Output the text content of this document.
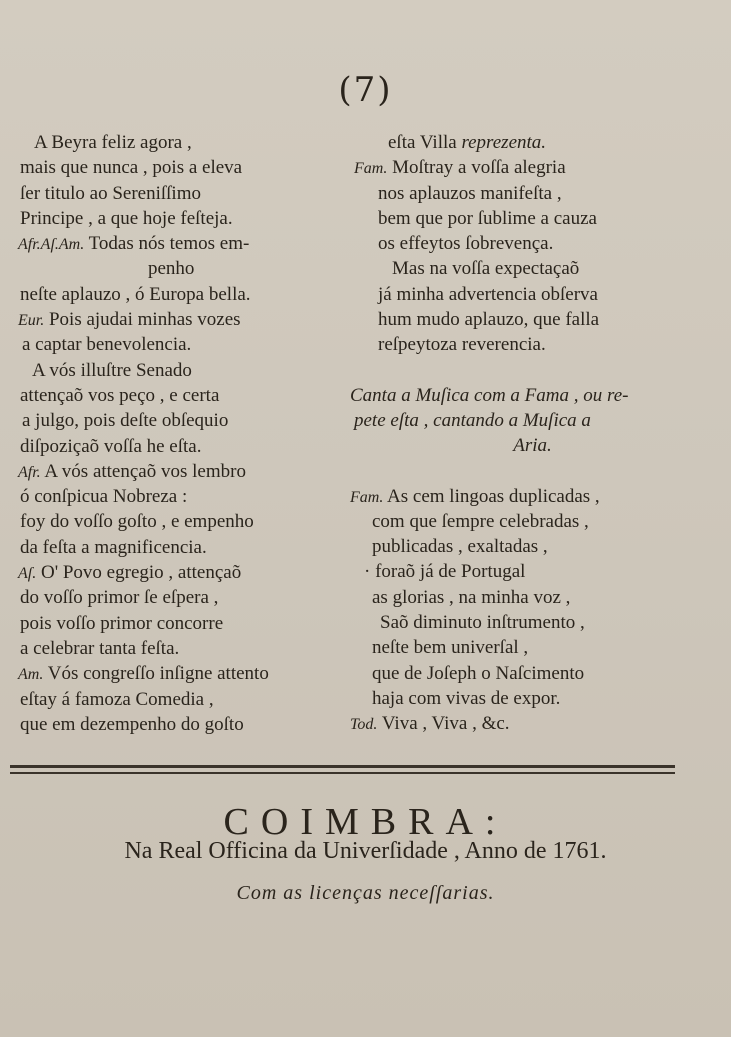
(7)
A Beyra feliz agora ,
mais que nunca , pois a eleva
ſer titulo ao Sereniſſimo
Principe , a que hoje feſteja.
Afr.Aſ.Am. Todas nós temos em-
penho
neſte aplauzo , ó Europa bella.
Eur. Pois ajudai minhas vozes
a captar benevolencia.
A vós illuſtre Senado
attençaõ vos peço , e certa
a julgo, pois deſte obſequio
diſpoziçaõ voſſa he eſta.
Afr. A vós attençaõ vos lembro
ó conſpicua Nobreza :
foy do voſſo goſto , e empenho
da feſta a magnificencia.
Aſ. O' Povo egregio , attençaõ
do voſſo primor ſe eſpera ,
pois voſſo primor concorre
a celebrar tanta feſta.
Am. Vós congreſſo inſigne attento
eſtay á famoza Comedia ,
que em dezempenho do goſto
eſta Villa reprezenta.
Fam. Moſtray a voſſa alegria
nos aplauzos manifeſta ,
bem que por ſublime a cauza
os effeytos ſobrevença.
Mas na voſſa expectaçaõ
já minha advertencia obſerva
hum mudo aplauzo, que falla
reſpeytoza reverencia.
Canta a Muſica com a Fama , ou re-
pete eſta , cantando a Muſica a
Aria.
Fam. As cem lingoas duplicadas ,
com que ſempre celebradas ,
publicadas , exaltadas ,
· foraõ já de Portugal
as glorias , na minha voz ,
Saõ diminuto inſtrumento ,
neſte bem univerſal ,
que de Joſeph o Naſcimento
haja com vivas de expor.
Tod. Viva , Viva , &c.
COIMBRA:
Na Real Officina da Univerſidade , Anno de 1761.
Com as licenças neceſſarias.
